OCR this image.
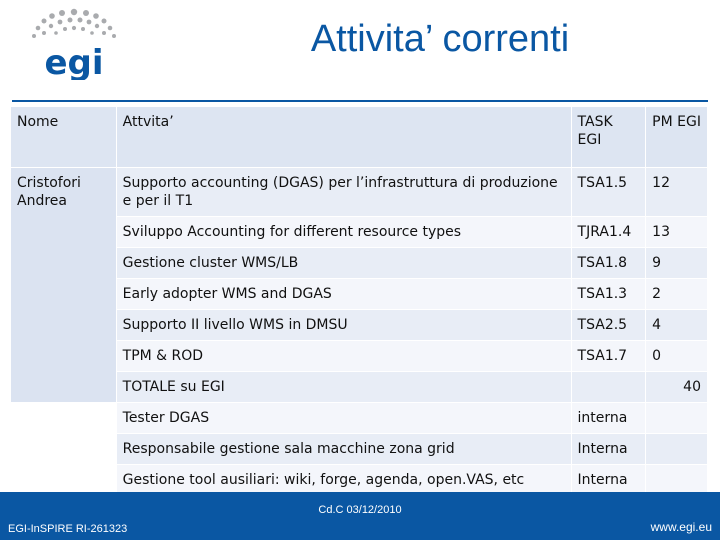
egi
Attivita’ correnti
Nome	Attvita’	TASK EGI	PM EGI
Cristofori Andrea	Supporto accounting (DGAS) per l’infrastruttura di produzione e per il T1	TSA1.5	12
	Sviluppo Accounting for different resource types	TJRA1.4	13
	Gestione cluster WMS/LB	TSA1.8	9
	Early adopter WMS and DGAS	TSA1.3	2
	Supporto II livello WMS in DMSU	TSA2.5	4
	TPM & ROD	TSA1.7	0
	TOTALE su EGI		40
	Tester DGAS	interna	
	Responsabile gestione sala macchine zona grid	Interna	
	Gestione tool ausiliari: wiki, forge, agenda, open.VAS, etc	Interna	
Cd.C 03/12/2010
EGI-InSPIRE RI-261323	www.egi.eu
